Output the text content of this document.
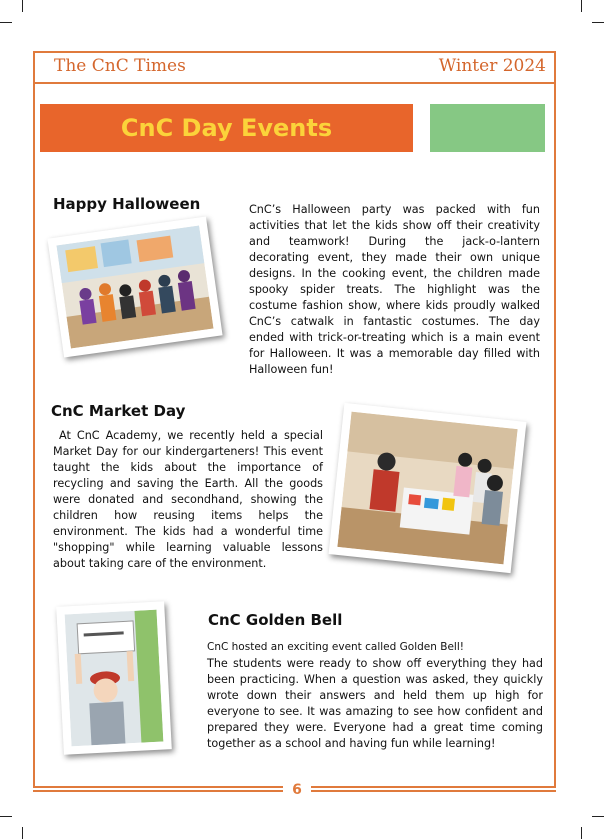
The CnC Times	Winter 2024
CnC Day Events
Happy Halloween	CnC’s Halloween party was packed with fun activities that let the kids show off their creativity and teamwork! During the jack-o-lantern decorating event, they made their own unique designs. In the cooking event, the children made spooky spider treats. The highlight was the costume fashion show, where kids proudly walked CnC’s catwalk in fantastic costumes. The day ended with trick-or-treating which is a main event for Halloween. It was a memorable day filled with Halloween fun!
CnC Market Day
At CnC Academy, we recently held a special Market Day for our kindergarteners! This event taught the kids about the importance of recycling and saving the Earth. All the goods were donated and secondhand, showing the children how reusing items helps the environment. The kids had a wonderful time "shopping" while learning valuable lessons about taking care of the environment.
CnC Golden Bell
CnC hosted an exciting event called Golden Bell!
The students were ready to show off everything they had been practicing. When a question was asked, they quickly wrote down their answers and held them up high for everyone to see. It was amazing to see how confident and prepared they were. Everyone had a great time coming together as a school and having fun while learning!
6
